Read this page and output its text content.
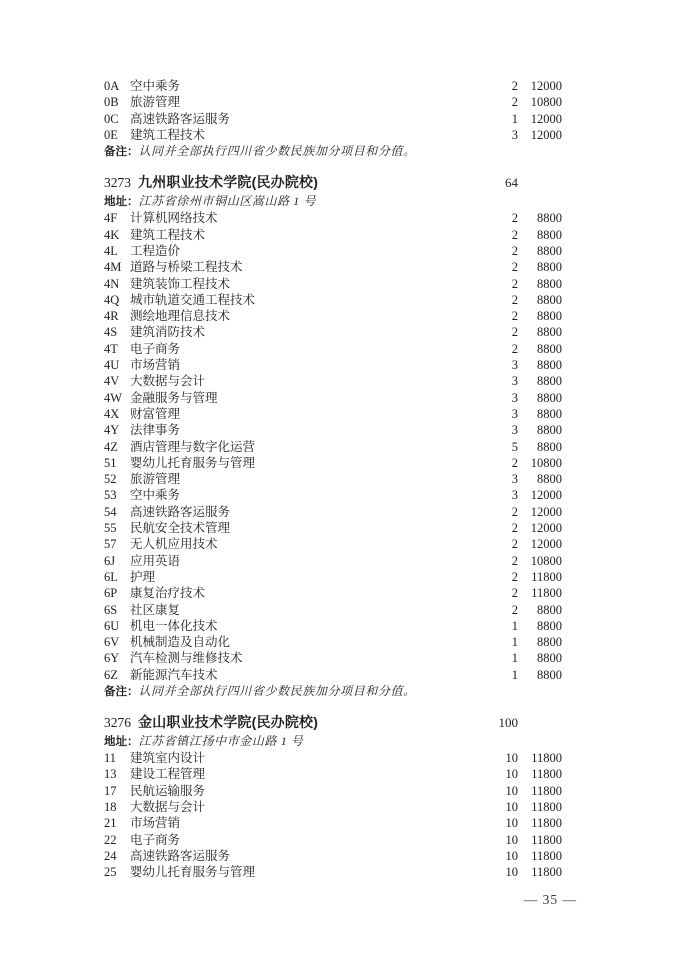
0A 空中乘务	2	12000
0B 旅游管理	2	10800
0C 高速铁路客运服务	1	12000
0E 建筑工程技术	3	12000
备注： 认同并全部执行四川省少数民族加分项目和分值。
3273 九州职业技术学院(民办院校)	64
地址： 江苏省徐州市铜山区嵩山路 1 号
4F	计算机网络技术	2	8800
4K 建筑工程技术	2	8800
4L 工程造价	2	8800
4M 道路与桥梁工程技术	2	8800
4N 建筑装饰工程技术	2	8800
4Q 城市轨道交通工程技术	2	8800
4R 测绘地理信息技术	2	8800
4S	建筑消防技术	2	8800
4T 电子商务	2	8800
4U 市场营销	3	8800
4V 大数据与会计	3	8800
4W 金融服务与管理	3	8800
4X 财富管理	3	8800
4Y 法律事务	3	8800
4Z 酒店管理与数字化运营	5	8800
51	婴幼儿托育服务与管理	2	10800
52	旅游管理	3	8800
53	空中乘务	3	12000
54	高速铁路客运服务	2	12000
55	民航安全技术管理	2	12000
57	无人机应用技术	2	12000
6J	应用英语	2	10800
6L 护理	2	11800
6P	康复治疗技术	2	11800
6S	社区康复	2	8800
6U 机电一体化技术	1	8800
6V 机械制造及自动化	1	8800
6Y 汽车检测与维修技术	1	8800
6Z 新能源汽车技术	1	8800
备注： 认同并全部执行四川省少数民族加分项目和分值。
3276 金山职业技术学院(民办院校)	100
地址： 江苏省镇江扬中市金山路 1 号
11	建筑室内设计	10	11800
13	建设工程管理	10	11800
17	民航运输服务	10	11800
18	大数据与会计	10	11800
21	市场营销	10	11800
22	电子商务	10	11800
24	高速铁路客运服务	10	11800
25	婴幼儿托育服务与管理	10	11800
— 35 —
